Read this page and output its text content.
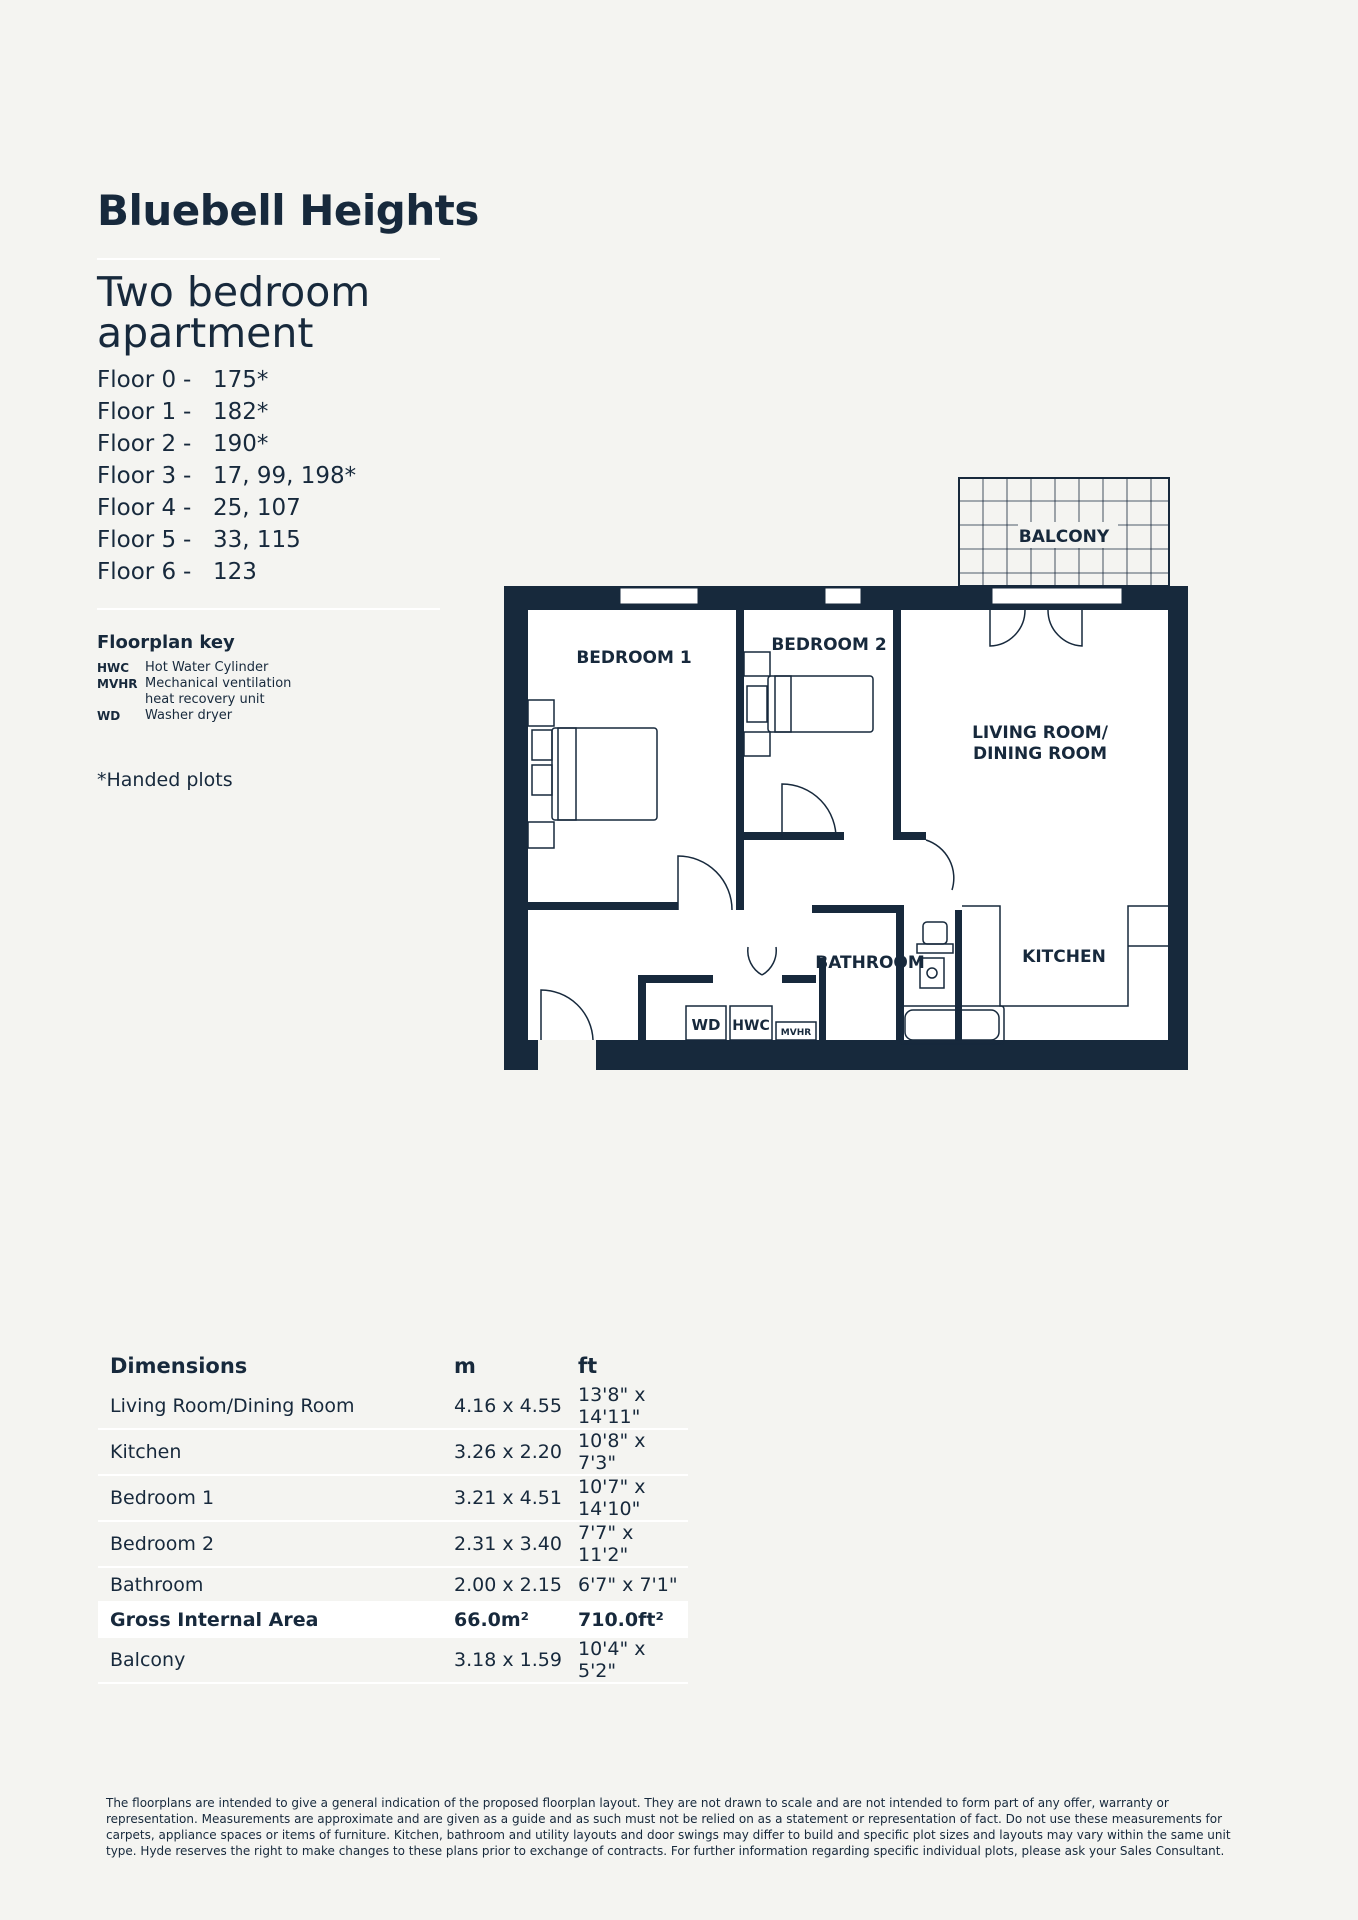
Bluebell Heights
Two bedroom apartment
Floor 0 - 175*
Floor 1 - 182*
Floor 2 - 190*
Floor 3 - 17, 99, 198*
Floor 4 - 25, 107
Floor 5 - 33, 115
Floor 6 - 123
Floorplan key
HWC	Hot Water Cylinder
MVHR Mechanical ventilation heat recovery unit
WD	Washer dryer
*Handed plots
BALCONY
WD HWC MVHR
BEDROOM 1
BEDROOM 2
LIVING ROOM/
DINING ROOM
KITCHEN
BATHROOM
Dimensions	m	ft
Living Room/Dining Room	4.16 x 4.55	13'8" x 14'11"
Kitchen	3.26 x 2.20	10'8" x 7'3"
Bedroom 1	3.21 x 4.51	10'7" x 14'10"
Bedroom 2	2.31 x 3.40	7'7" x 11'2"
Bathroom	2.00 x 2.15	6'7" x 7'1"
Gross Internal Area	66.0m²	710.0ft²
Balcony	3.18 x 1.59	10'4" x 5'2"

The floorplans are intended to give a general indication of the proposed floorplan layout. They are not drawn to scale and are not intended to form part of any offer, warranty or representation. Measurements are approximate and are given as a guide and as such must not be relied on as a statement or representation of fact. Do not use these measurements for carpets, appliance spaces or items of furniture. Kitchen, bathroom and utility layouts and door swings may differ to build and specific plot sizes and layouts may vary within the same unit type. Hyde reserves the right to make changes to these plans prior to exchange of contracts. For further information regarding specific individual plots, please ask your Sales Consultant.
